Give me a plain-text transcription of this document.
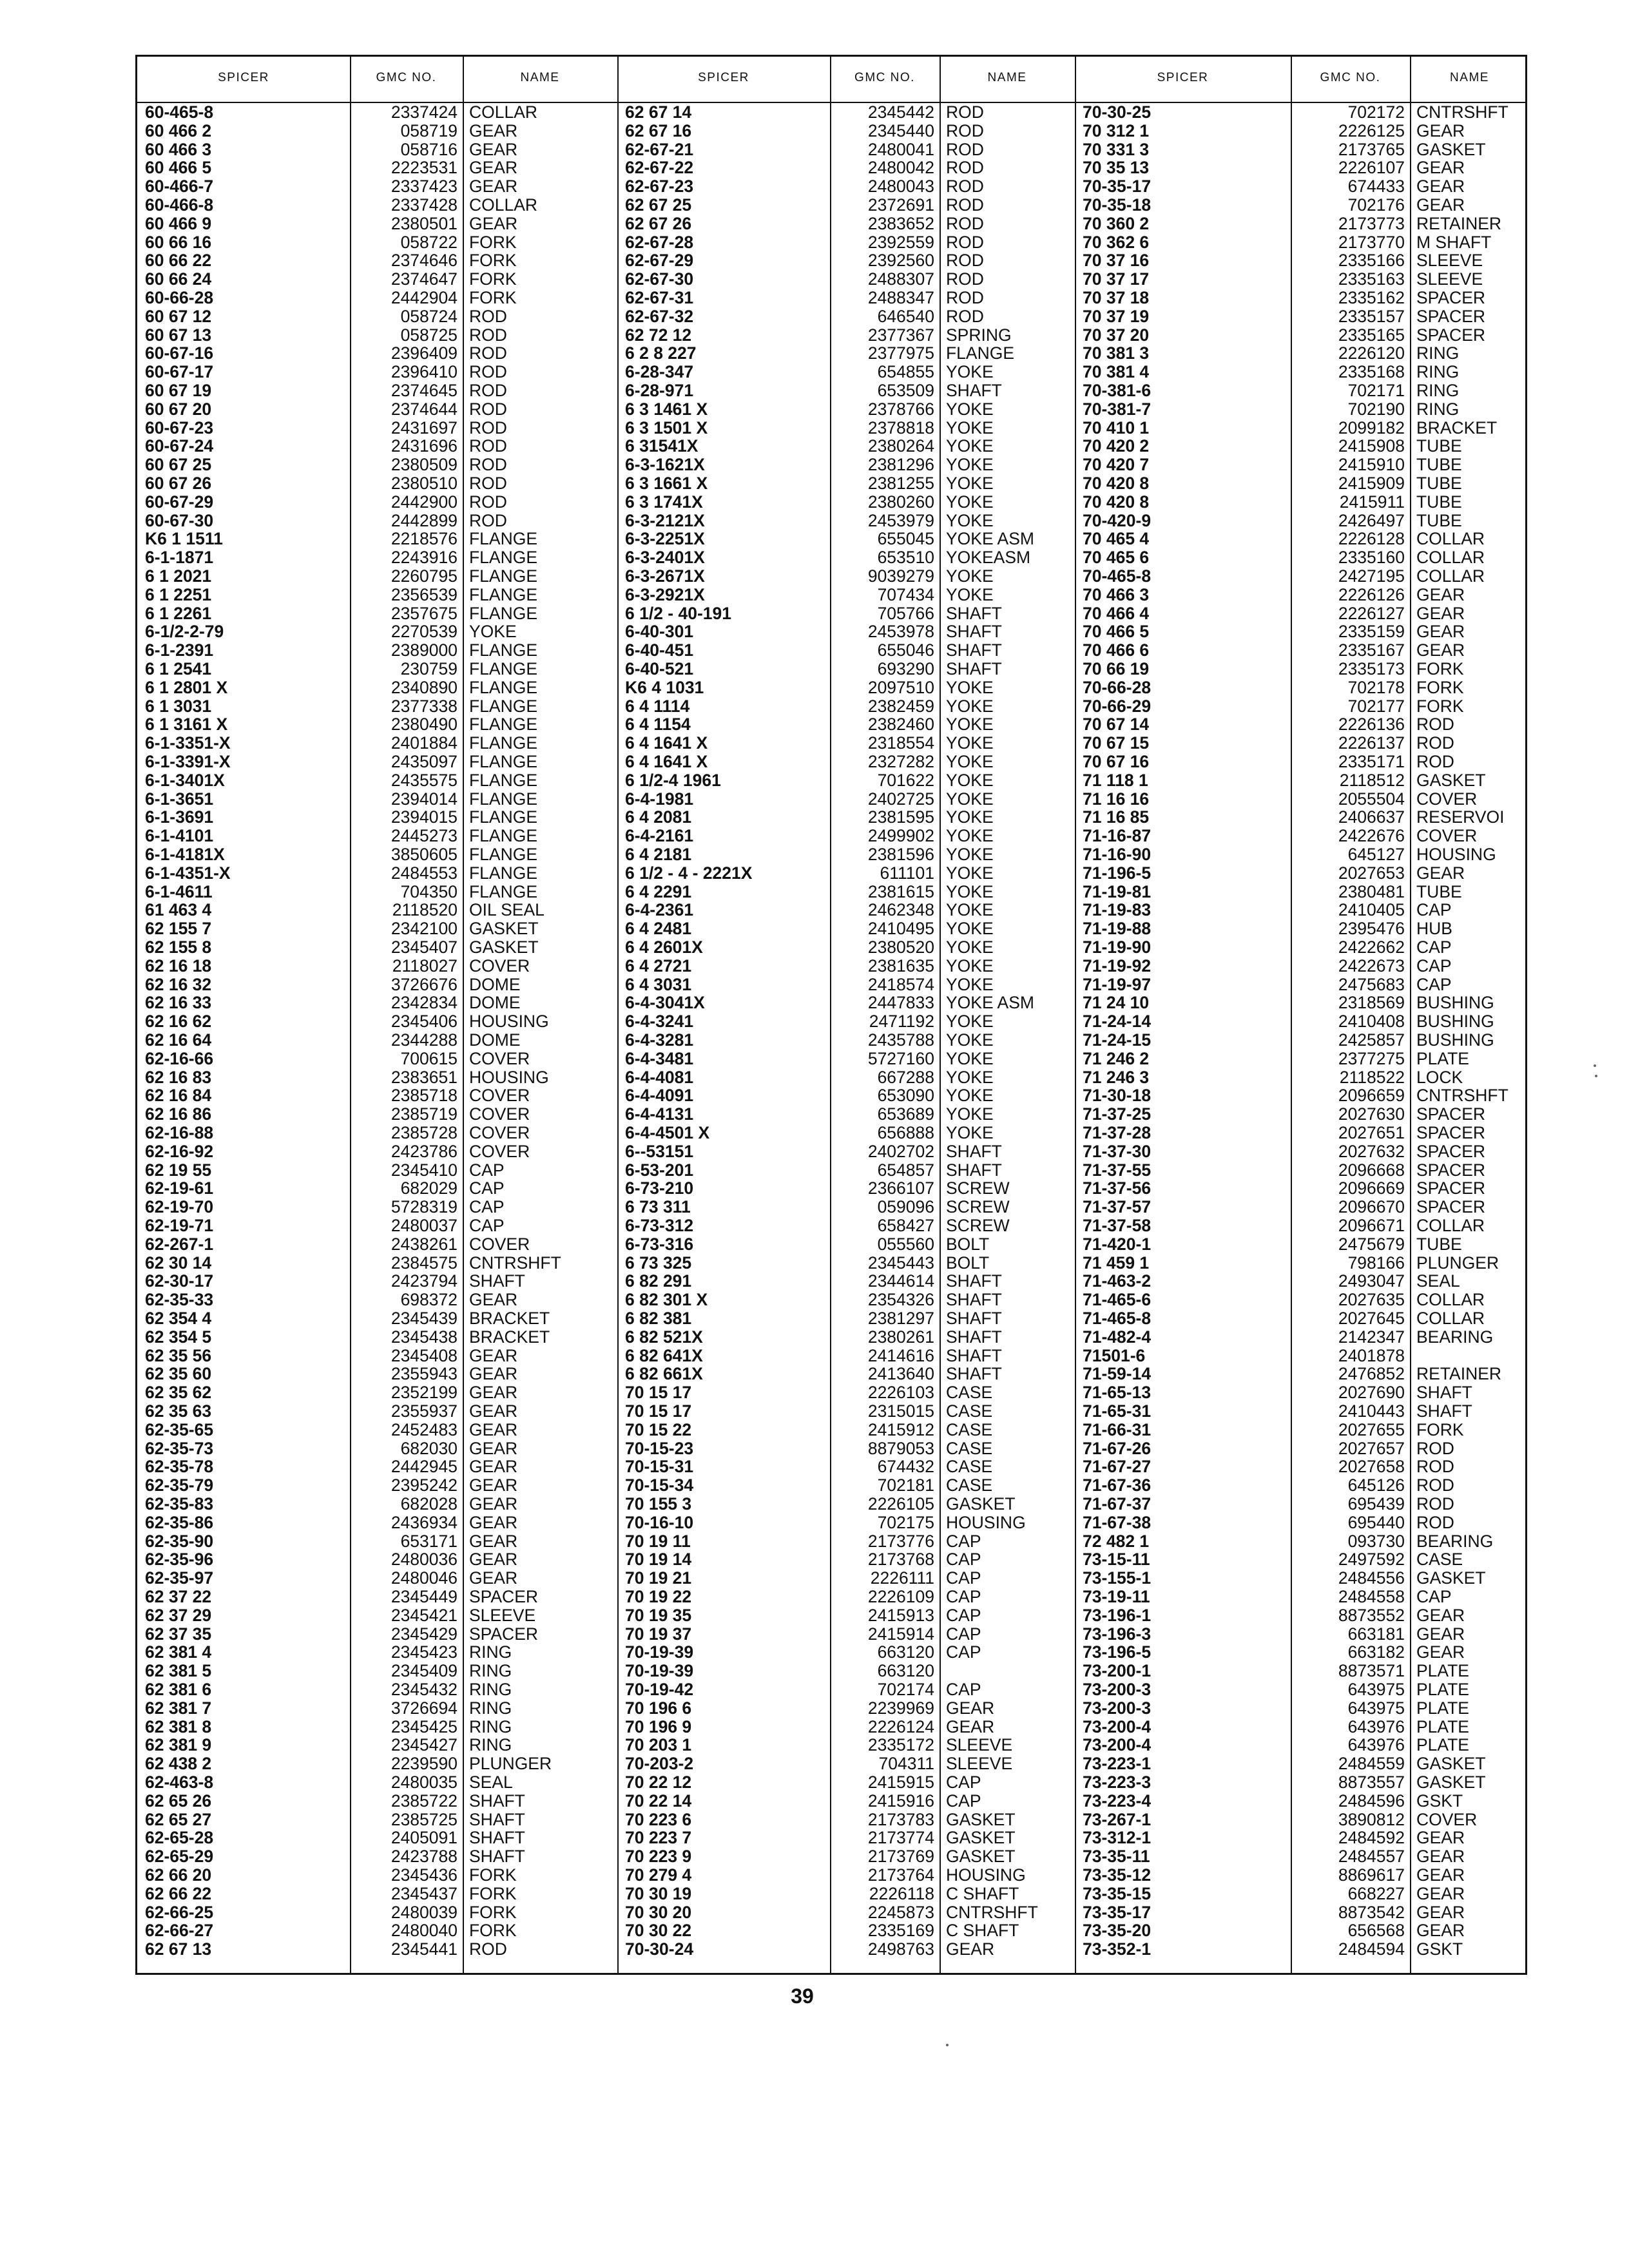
SPICER	GMC NO.	NAME	SPICER	GMC NO.	NAME	SPICER	GMC NO.	NAME
60-465-8	2337424 COLLAR
60 466 2	058719 GEAR
60 466 3	058716 GEAR
60 466 5	2223531 GEAR
60-466-7	2337423 GEAR
60-466-8	2337428 COLLAR
60 466 9	2380501 GEAR
60 66 16	058722 FORK
60 66 22	2374646 FORK
60 66 24	2374647 FORK
60-66-28	2442904 FORK
60 67 12	058724 ROD
60 67 13	058725 ROD
60-67-16	2396409 ROD
60-67-17	2396410 ROD
60 67 19	2374645 ROD
60 67 20	2374644 ROD
60-67-23	2431697 ROD
60-67-24	2431696 ROD
60 67 25	2380509 ROD
60 67 26	2380510 ROD
60-67-29	2442900 ROD
60-67-30	2442899 ROD
K6 1 1511	2218576 FLANGE
6-1-1871	2243916 FLANGE
6 1 2021	2260795 FLANGE
6 1 2251	2356539 FLANGE
6 1 2261	2357675 FLANGE
6-1/2-2-79	2270539 YOKE
6-1-2391	2389000 FLANGE
6 1 2541	230759 FLANGE
6 1 2801 X	2340890 FLANGE
6 1 3031	2377338 FLANGE
6 1 3161 X	2380490 FLANGE
6-1-3351-X	2401884 FLANGE
6-1-3391-X	2435097 FLANGE
6-1-3401X	2435575 FLANGE
6-1-3651	2394014 FLANGE
6-1-3691	2394015 FLANGE
6-1-4101	2445273 FLANGE
6-1-4181X	3850605 FLANGE
6-1-4351-X	2484553 FLANGE
6-1-4611	704350 FLANGE
61 463 4	2118520 OIL SEAL
62 155 7	2342100 GASKET
62 155 8	2345407 GASKET
62 16 18	2118027 COVER
62 16 32	3726676 DOME
62 16 33	2342834 DOME
62 16 62	2345406 HOUSING
62 16 64	2344288 DOME
62-16-66	700615 COVER
62 16 83	2383651 HOUSING
62 16 84	2385718 COVER
62 16 86	2385719 COVER
62-16-88	2385728 COVER
62-16-92	2423786 COVER
62 19 55	2345410 CAP
62-19-61	682029 CAP
62-19-70	5728319 CAP
62-19-71	2480037 CAP
62-267-1	2438261 COVER
62 30 14	2384575 CNTRSHFT
62-30-17	2423794 SHAFT
62-35-33	698372 GEAR
62 354 4	2345439 BRACKET
62 354 5	2345438 BRACKET
62 35 56	2345408 GEAR
62 35 60	2355943 GEAR
62 35 62	2352199 GEAR
62 35 63	2355937 GEAR
62-35-65	2452483 GEAR
62-35-73	682030 GEAR
62-35-78	2442945 GEAR
62-35-79	2395242 GEAR
62-35-83	682028 GEAR
62-35-86	2436934 GEAR
62-35-90	653171 GEAR
62-35-96	2480036 GEAR
62-35-97	2480046 GEAR
62 37 22	2345449 SPACER
62 37 29	2345421 SLEEVE
62 37 35	2345429 SPACER
62 381 4	2345423 RING
62 381 5	2345409 RING
62 381 6	2345432 RING
62 381 7	3726694 RING
62 381 8	2345425 RING
62 381 9	2345427 RING
62 438 2	2239590 PLUNGER
62-463-8	2480035 SEAL
62 65 26	2385722 SHAFT
62 65 27	2385725 SHAFT
62-65-28	2405091 SHAFT
62-65-29	2423788 SHAFT
62 66 20	2345436 FORK
62 66 22	2345437 FORK
62-66-25	2480039 FORK
62-66-27	2480040 FORK
62 67 13	2345441 ROD
62 67 14	2345442 ROD
62 67 16	2345440 ROD
62-67-21	2480041 ROD
62-67-22	2480042 ROD
62-67-23	2480043 ROD
62 67 25	2372691 ROD
62 67 26	2383652 ROD
62-67-28	2392559 ROD
62-67-29	2392560 ROD
62-67-30	2488307 ROD
62-67-31	2488347 ROD
62-67-32	646540 ROD
62 72 12	2377367 SPRING
6 2 8 227	2377975 FLANGE
6-28-347	654855 YOKE
6-28-971	653509 SHAFT
6 3 1461 X	2378766 YOKE
6 3 1501 X	2378818 YOKE
6 31541X	2380264 YOKE
6-3-1621X	2381296 YOKE
6 3 1661 X	2381255 YOKE
6 3 1741X	2380260 YOKE
6-3-2121X	2453979 YOKE
6-3-2251X	655045 YOKE ASM
6-3-2401X	653510 YOKEASM
6-3-2671X	9039279 YOKE
6-3-2921X	707434 YOKE
6 1/2 - 40-191	705766 SHAFT
6-40-301	2453978 SHAFT
6-40-451	655046 SHAFT
6-40-521	693290 SHAFT
K6 4 1031	2097510 YOKE
6 4 1114	2382459 YOKE
6 4 1154	2382460 YOKE
6 4 1641 X	2318554 YOKE
6 4 1641 X	2327282 YOKE
6 1/2-4 1961	701622 YOKE
6-4-1981	2402725 YOKE
6 4 2081	2381595 YOKE
6-4-2161	2499902 YOKE
6 4 2181	2381596 YOKE
6 1/2 - 4 - 2221X	611101 YOKE
6 4 2291	2381615 YOKE
6-4-2361	2462348 YOKE
6 4 2481	2410495 YOKE
6 4 2601X	2380520 YOKE
6 4 2721	2381635 YOKE
6 4 3031	2418574 YOKE
6-4-3041X	2447833 YOKE ASM
6-4-3241	2471192 YOKE
6-4-3281	2435788 YOKE
6-4-3481	5727160 YOKE
6-4-4081	667288 YOKE
6-4-4091	653090 YOKE
6-4-4131	653689 YOKE
6-4-4501 X	656888 YOKE
6--53151	2402702 SHAFT
6-53-201	654857 SHAFT
6-73-210	2366107 SCREW
6 73 311	059096 SCREW
6-73-312	658427 SCREW
6-73-316	055560 BOLT
6 73 325	2345443 BOLT
6 82 291	2344614 SHAFT
6 82 301 X	2354326 SHAFT
6 82 381	2381297 SHAFT
6 82 521X	2380261 SHAFT
6 82 641X	2414616 SHAFT
6 82 661X	2413640 SHAFT
70 15 17	2226103 CASE
70 15 17	2315015 CASE
70 15 22	2415912 CASE
70-15-23	8879053 CASE
70-15-31	674432 CASE
70-15-34	702181 CASE
70 155 3	2226105 GASKET
70-16-10	702175 HOUSING
70 19 11	2173776 CAP
70 19 14	2173768 CAP
70 19 21	2226111 CAP
70 19 22	2226109 CAP
70 19 35	2415913 CAP
70 19 37	2415914 CAP
70-19-39	663120 CAP
70-19-39	663120
70-19-42	702174 CAP
70 196 6	2239969 GEAR
70 196 9	2226124 GEAR
70 203 1	2335172 SLEEVE
70-203-2	704311 SLEEVE
70 22 12	2415915 CAP
70 22 14	2415916 CAP
70 223 6	2173783 GASKET
70 223 7	2173774 GASKET
70 223 9	2173769 GASKET
70 279 4	2173764 HOUSING
70 30 19	2226118 C SHAFT
70 30 20	2245873 CNTRSHFT
70 30 22	2335169 C SHAFT
70-30-24	2498763 GEAR
70-30-25	702172 CNTRSHFT
70 312 1	2226125 GEAR
70 331 3	2173765 GASKET
70 35 13	2226107 GEAR
70-35-17	674433 GEAR
70-35-18	702176 GEAR
70 360 2	2173773 RETAINER
70 362 6	2173770 M SHAFT
70 37 16	2335166 SLEEVE
70 37 17	2335163 SLEEVE
70 37 18	2335162 SPACER
70 37 19	2335157 SPACER
70 37 20	2335165 SPACER
70 381 3	2226120 RING
70 381 4	2335168 RING
70-381-6	702171 RING
70-381-7	702190 RING
70 410 1	2099182 BRACKET
70 420 2	2415908 TUBE
70 420 7	2415910 TUBE
70 420 8	2415909 TUBE
70 420 8	2415911 TUBE
70-420-9	2426497 TUBE
70 465 4	2226128 COLLAR
70 465 6	2335160 COLLAR
70-465-8	2427195 COLLAR
70 466 3	2226126 GEAR
70 466 4	2226127 GEAR
70 466 5	2335159 GEAR
70 466 6	2335167 GEAR
70 66 19	2335173 FORK
70-66-28	702178 FORK
70-66-29	702177 FORK
70 67 14	2226136 ROD
70 67 15	2226137 ROD
70 67 16	2335171 ROD
71 118 1	2118512 GASKET
71 16 16	2055504 COVER
71 16 85	2406637 RESERVOI
71-16-87	2422676 COVER
71-16-90	645127 HOUSING
71-196-5	2027653 GEAR
71-19-81	2380481 TUBE
71-19-83	2410405 CAP
71-19-88	2395476 HUB
71-19-90	2422662 CAP
71-19-92	2422673 CAP
71-19-97	2475683 CAP
71 24 10	2318569 BUSHING
71-24-14	2410408 BUSHING
71-24-15	2425857 BUSHING
71 246 2	2377275 PLATE
71 246 3	2118522 LOCK
71-30-18	2096659 CNTRSHFT
71-37-25	2027630 SPACER
71-37-28	2027651 SPACER
71-37-30	2027632 SPACER
71-37-55	2096668 SPACER
71-37-56	2096669 SPACER
71-37-57	2096670 SPACER
71-37-58	2096671 COLLAR
71-420-1	2475679 TUBE
71 459 1	798166 PLUNGER
71-463-2	2493047 SEAL
71-465-6	2027635 COLLAR
71-465-8	2027645 COLLAR
71-482-4	2142347 BEARING
71501-6	2401878
71-59-14	2476852 RETAINER
71-65-13	2027690 SHAFT
71-65-31	2410443 SHAFT
71-66-31	2027655 FORK
71-67-26	2027657 ROD
71-67-27	2027658 ROD
71-67-36	645126 ROD
71-67-37	695439 ROD
71-67-38	695440 ROD
72 482 1	093730 BEARING
73-15-11	2497592 CASE
73-155-1	2484556 GASKET
73-19-11	2484558 CAP
73-196-1	8873552 GEAR
73-196-3	663181 GEAR
73-196-5	663182 GEAR
73-200-1	8873571 PLATE
73-200-3	643975 PLATE
73-200-3	643975 PLATE
73-200-4	643976 PLATE
73-200-4	643976 PLATE
73-223-1	2484559 GASKET
73-223-3	8873557 GASKET
73-223-4	2484596 GSKT
73-267-1	3890812 COVER
73-312-1	2484592 GEAR
73-35-11	2484557 GEAR
73-35-12	8869617 GEAR
73-35-15	668227 GEAR
73-35-17	8873542 GEAR
73-35-20	656568 GEAR
73-352-1	2484594 GSKT
39
